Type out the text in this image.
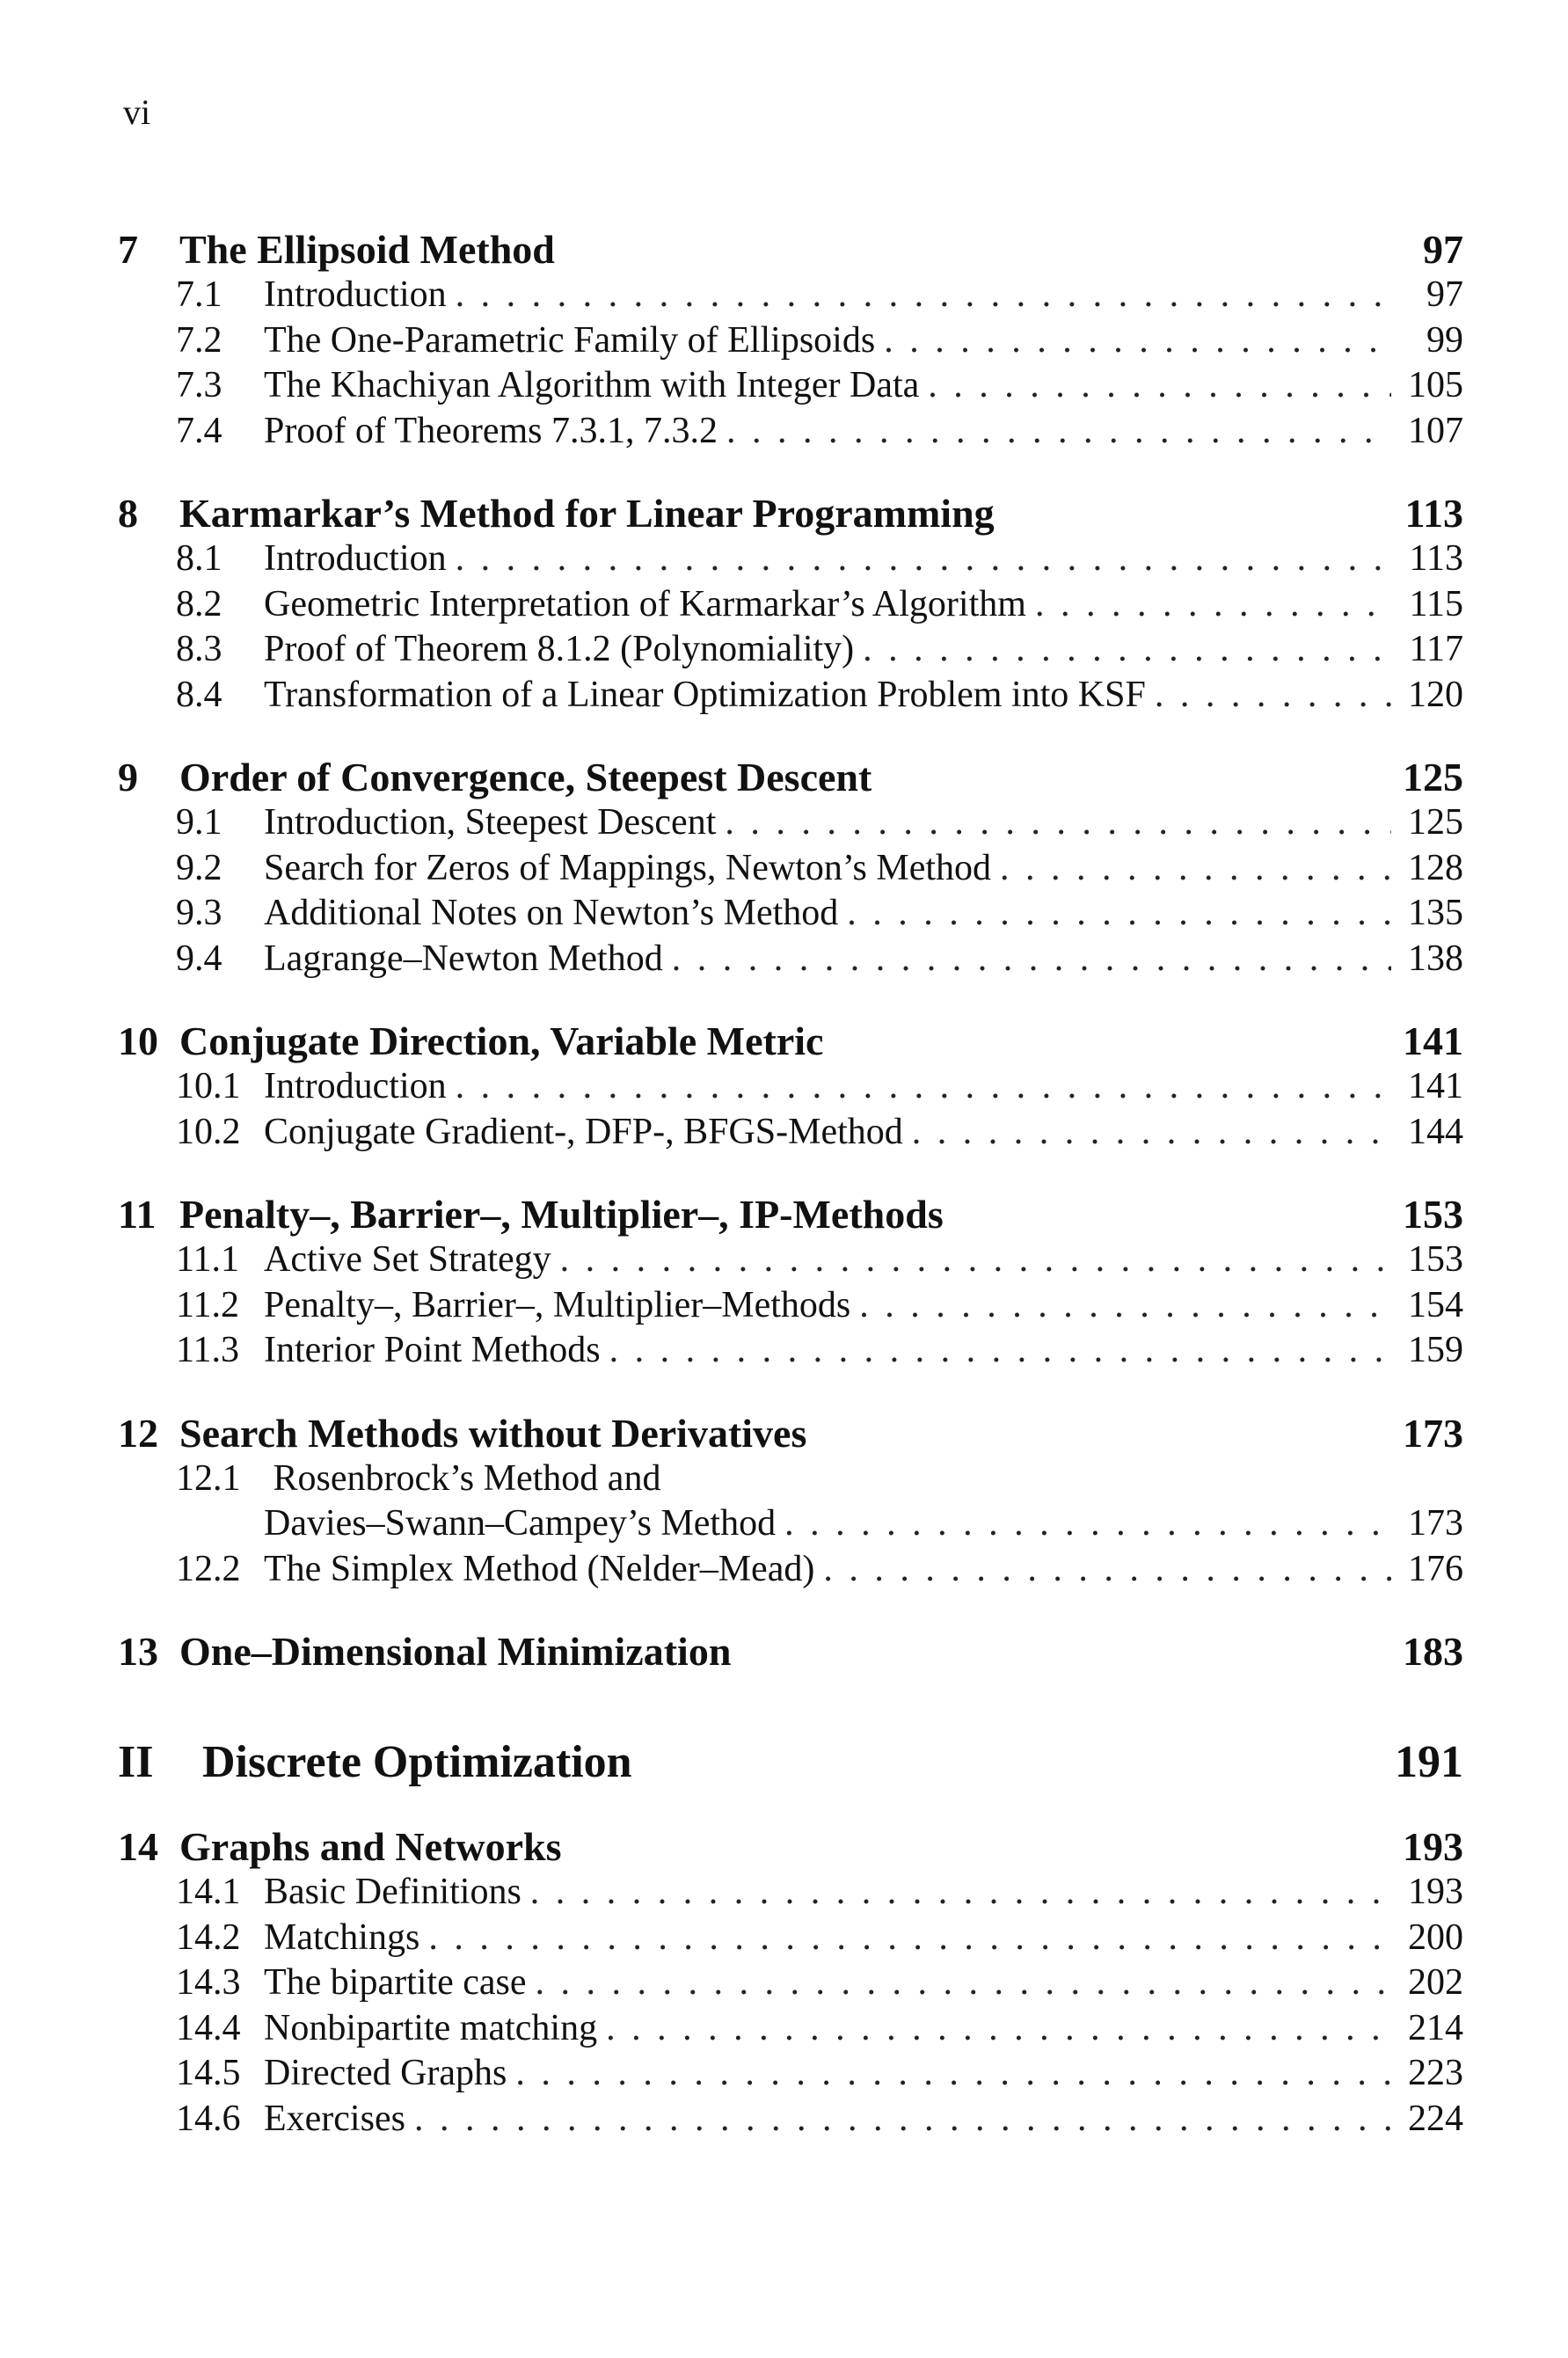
vi
7	The Ellipsoid Method	97
7.1	Introduction . . .	97
7.2	The One-Parametric Family of Ellipsoids . . .	99
7.3	The Khachiyan Algorithm with Integer Data . . .	105
7.4	Proof of Theorems 7.3.1, 7.3.2 . . .	107
8	Karmarkar’s Method for Linear Programming	113
8.1	Introduction . . .	113
8.2	Geometric Interpretation of Karmarkar’s Algorithm . . .	115
8.3	Proof of Theorem 8.1.2 (Polynomiality) . . .	117
8.4	Transformation of a Linear Optimization Problem into KSF . . .	120
9	Order of Convergence, Steepest Descent	125
9.1	Introduction, Steepest Descent . . .	125
9.2	Search for Zeros of Mappings, Newton’s Method . . .	128
9.3	Additional Notes on Newton’s Method . . .	135
9.4	Lagrange–Newton Method . . .	138
10 Conjugate Direction, Variable Metric	141
10.1 Introduction . . .	141
10.2 Conjugate Gradient-, DFP-, BFGS-Method . . .	144
11 Penalty–, Barrier–, Multiplier–, IP-Methods	153
11.1 Active Set Strategy . . .	153
11.2 Penalty–, Barrier–, Multiplier–Methods . . .	154
11.3 Interior Point Methods . . .	159
12 Search Methods without Derivatives	173
12.1 Rosenbrock’s Method and
Davies–Swann–Campey’s Method . . .	173
12.2 The Simplex Method (Nelder–Mead) . . .	176
13 One–Dimensional Minimization	183
II	Discrete Optimization	191
14 Graphs and Networks	193
14.1 Basic Definitions . . .	193
14.2 Matchings . . .	200
14.3 The bipartite case . . .	202
14.4 Nonbipartite matching . . .	214
14.5 Directed Graphs . . .	223
14.6 Exercises . . .	224
